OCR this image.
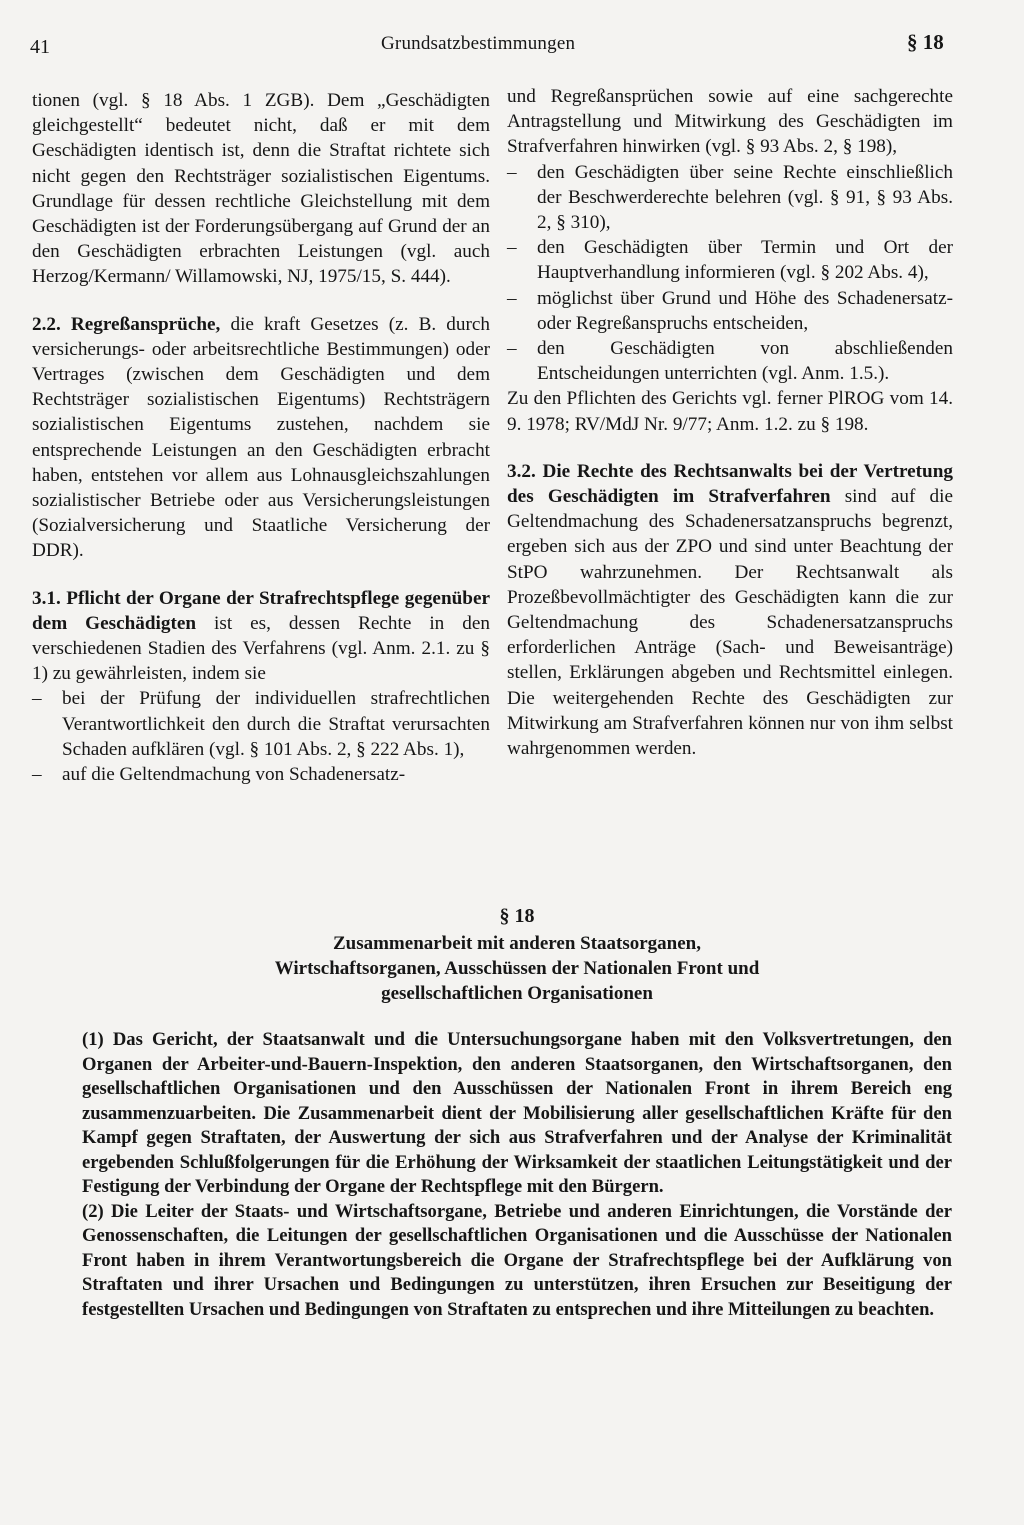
41	Grundsatzbestimmungen	§ 18

tionen (vgl. § 18 Abs. 1 ZGB). Dem „Geschädigten gleichgestellt“ bedeutet nicht, daß er mit dem Geschädigten identisch ist, denn die Straftat richtete sich nicht gegen den Rechtsträger sozialistischen Eigentums. Grundlage für dessen rechtliche Gleichstellung mit dem Geschädigten ist der Forderungsübergang auf Grund der an den Geschädigten erbrachten Leistungen (vgl. auch Herzog/Kermann/ Willamowski, NJ, 1975/15, S. 444).

2.2. Regreßansprüche, die kraft Gesetzes (z. B. durch versicherungs- oder arbeitsrechtliche Bestimmungen) oder Vertrages (zwischen dem Geschädigten und dem Rechtsträger sozialistischen Eigentums) Rechtsträgern sozialistischen Eigentums zustehen, nachdem sie entsprechende Leistungen an den Geschädigten erbracht haben, entstehen vor allem aus Lohnausgleichszahlungen sozialistischer Betriebe oder aus Versicherungsleistungen (Sozialversicherung und Staatliche Versicherung der DDR).

3.1. Pflicht der Organe der Strafrechtspflege gegenüber dem Geschädigten ist es, dessen Rechte in den verschiedenen Stadien des Verfahrens (vgl. Anm. 2.1. zu § 1) zu gewährleisten, indem sie

– bei der Prüfung der individuellen strafrechtlichen Verantwortlichkeit den durch die Straftat verursachten Schaden aufklären (vgl. § 101 Abs. 2, § 222 Abs. 1),

– auf die Geltendmachung von Schadenersatz-

und Regreßansprüchen sowie auf eine sachgerechte Antragstellung und Mitwirkung des Geschädigten im Strafverfahren hinwirken (vgl. § 93 Abs. 2, § 198),

– den Geschädigten über seine Rechte einschließlich der Beschwerderechte belehren (vgl. § 91, § 93 Abs. 2, § 310),

– den Geschädigten über Termin und Ort der Hauptverhandlung informieren (vgl. § 202 Abs. 4),

– möglichst über Grund und Höhe des Schadenersatz- oder Regreßanspruchs entscheiden,

– den Geschädigten von abschließenden Entscheidungen unterrichten (vgl. Anm. 1.5.).

Zu den Pflichten des Gerichts vgl. ferner PlROG vom 14. 9. 1978; RV/MdJ Nr. 9/77; Anm. 1.2. zu § 198.

3.2. Die Rechte des Rechtsanwalts bei der Vertretung des Geschädigten im Strafverfahren sind auf die Geltendmachung des Schadenersatzanspruchs begrenzt, ergeben sich aus der ZPO und sind unter Beachtung der StPO wahrzunehmen. Der Rechtsanwalt als Prozeßbevollmächtigter des Geschädigten kann die zur Geltendmachung des Schadenersatzanspruchs erforderlichen Anträge (Sach- und Beweisanträge) stellen, Erklärungen abgeben und Rechtsmittel einlegen. Die weitergehenden Rechte des Geschädigten zur Mitwirkung am Strafverfahren können nur von ihm selbst wahrgenommen werden.

§ 18
Zusammenarbeit mit anderen Staatsorganen,
Wirtschaftsorganen, Ausschüssen der Nationalen Front und
gesellschaftlichen Organisationen

(1) Das Gericht, der Staatsanwalt und die Untersuchungsorgane haben mit den Volksvertretungen, den Organen der Arbeiter-und-Bauern-Inspektion, den anderen Staatsorganen, den Wirtschaftsorganen, den gesellschaftlichen Organisationen und den Ausschüssen der Nationalen Front in ihrem Bereich eng zusammenzuarbeiten. Die Zusammenarbeit dient der Mobilisierung aller gesellschaftlichen Kräfte für den Kampf gegen Straftaten, der Auswertung der sich aus Strafverfahren und der Analyse der Kriminalität ergebenden Schlußfolgerungen für die Erhöhung der Wirksamkeit der staatlichen Leitungstätigkeit und der Festigung der Verbindung der Organe der Rechtspflege mit den Bürgern.

(2) Die Leiter der Staats- und Wirtschaftsorgane, Betriebe und anderen Einrichtungen, die Vorstände der Genossenschaften, die Leitungen der gesellschaftlichen Organisationen und die Ausschüsse der Nationalen Front haben in ihrem Verantwortungsbereich die Organe der Strafrechtspflege bei der Aufklärung von Straftaten und ihrer Ursachen und Bedingungen zu unterstützen, ihren Ersuchen zur Beseitigung der festgestellten Ursachen und Bedingungen von Straftaten zu entsprechen und ihre Mitteilungen zu beachten.
